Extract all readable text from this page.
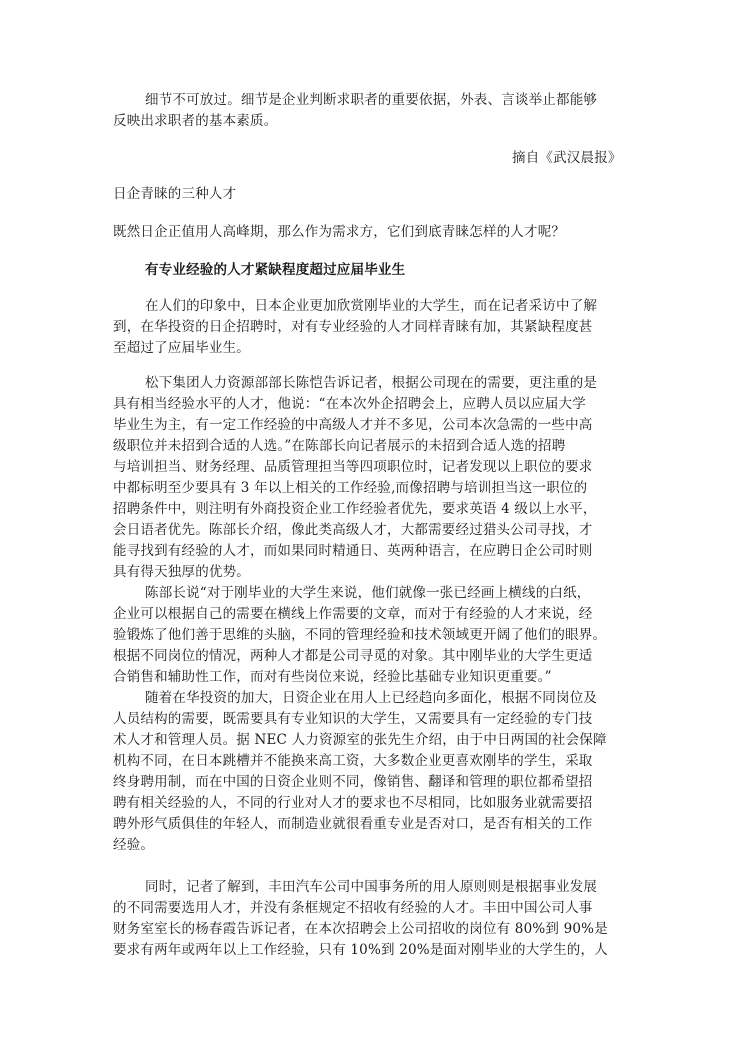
细节不可放过。细节是企业判断求职者的重要依据，外表、言谈举止都能够
反映出求职者的基本素质。
摘自《武汉晨报》
日企青睐的三种人才
既然日企正值用人高峰期，那么作为需求方，它们到底青睐怎样的人才呢？
有专业经验的人才紧缺程度超过应届毕业生
在人们的印象中，日本企业更加欣赏刚毕业的大学生，而在记者采访中了解
到，在华投资的日企招聘时，对有专业经验的人才同样青睐有加，其紧缺程度甚
至超过了应届毕业生。
松下集团人力资源部部长陈恺告诉记者，根据公司现在的需要，更注重的是
具有相当经验水平的人才，他说：“在本次外企招聘会上，应聘人员以应届大学
毕业生为主，有一定工作经验的中高级人才并不多见，公司本次急需的一些中高
级职位并未招到合适的人选。”在陈部长向记者展示的未招到合适人选的招聘
与培训担当、财务经理、品质管理担当等四项职位时，记者发现以上职位的要求
中都标明至少要具有 3 年以上相关的工作经验,而像招聘与培训担当这一职位的
招聘条件中，则注明有外商投资企业工作经验者优先，要求英语 4 级以上水平，
会日语者优先。陈部长介绍，像此类高级人才，大都需要经过猎头公司寻找，才
能寻找到有经验的人才，而如果同时精通日、英两种语言，在应聘日企公司时则
具有得天独厚的优势。
陈部长说“对于刚毕业的大学生来说，他们就像一张已经画上横线的白纸，
企业可以根据自己的需要在横线上作需要的文章，而对于有经验的人才来说，经
验锻炼了他们善于思维的头脑，不同的管理经验和技术领域更开阔了他们的眼界。
根据不同岗位的情况，两种人才都是公司寻觅的对象。其中刚毕业的大学生更适
合销售和辅助性工作，而对有些岗位来说，经验比基础专业知识更重要。”
随着在华投资的加大，日资企业在用人上已经趋向多面化，根据不同岗位及
人员结构的需要，既需要具有专业知识的大学生，又需要具有一定经验的专门技
术人才和管理人员。据 NEC 人力资源室的张先生介绍，由于中日两国的社会保障
机构不同，在日本跳槽并不能换来高工资，大多数企业更喜欢刚毕的学生，采取
终身聘用制，而在中国的日资企业则不同，像销售、翻译和管理的职位都希望招
聘有相关经验的人，不同的行业对人才的要求也不尽相同，比如服务业就需要招
聘外形气质俱佳的年轻人，而制造业就很看重专业是否对口，是否有相关的工作
经验。
同时，记者了解到，丰田汽车公司中国事务所的用人原则则是根据事业发展
的不同需要选用人才，并没有条框规定不招收有经验的人才。丰田中国公司人事
财务室室长的杨春霞告诉记者，在本次招聘会上公司招收的岗位有 80%到 90%是
要求有两年或两年以上工作经验，只有 10%到 20%是面对刚毕业的大学生的，人
